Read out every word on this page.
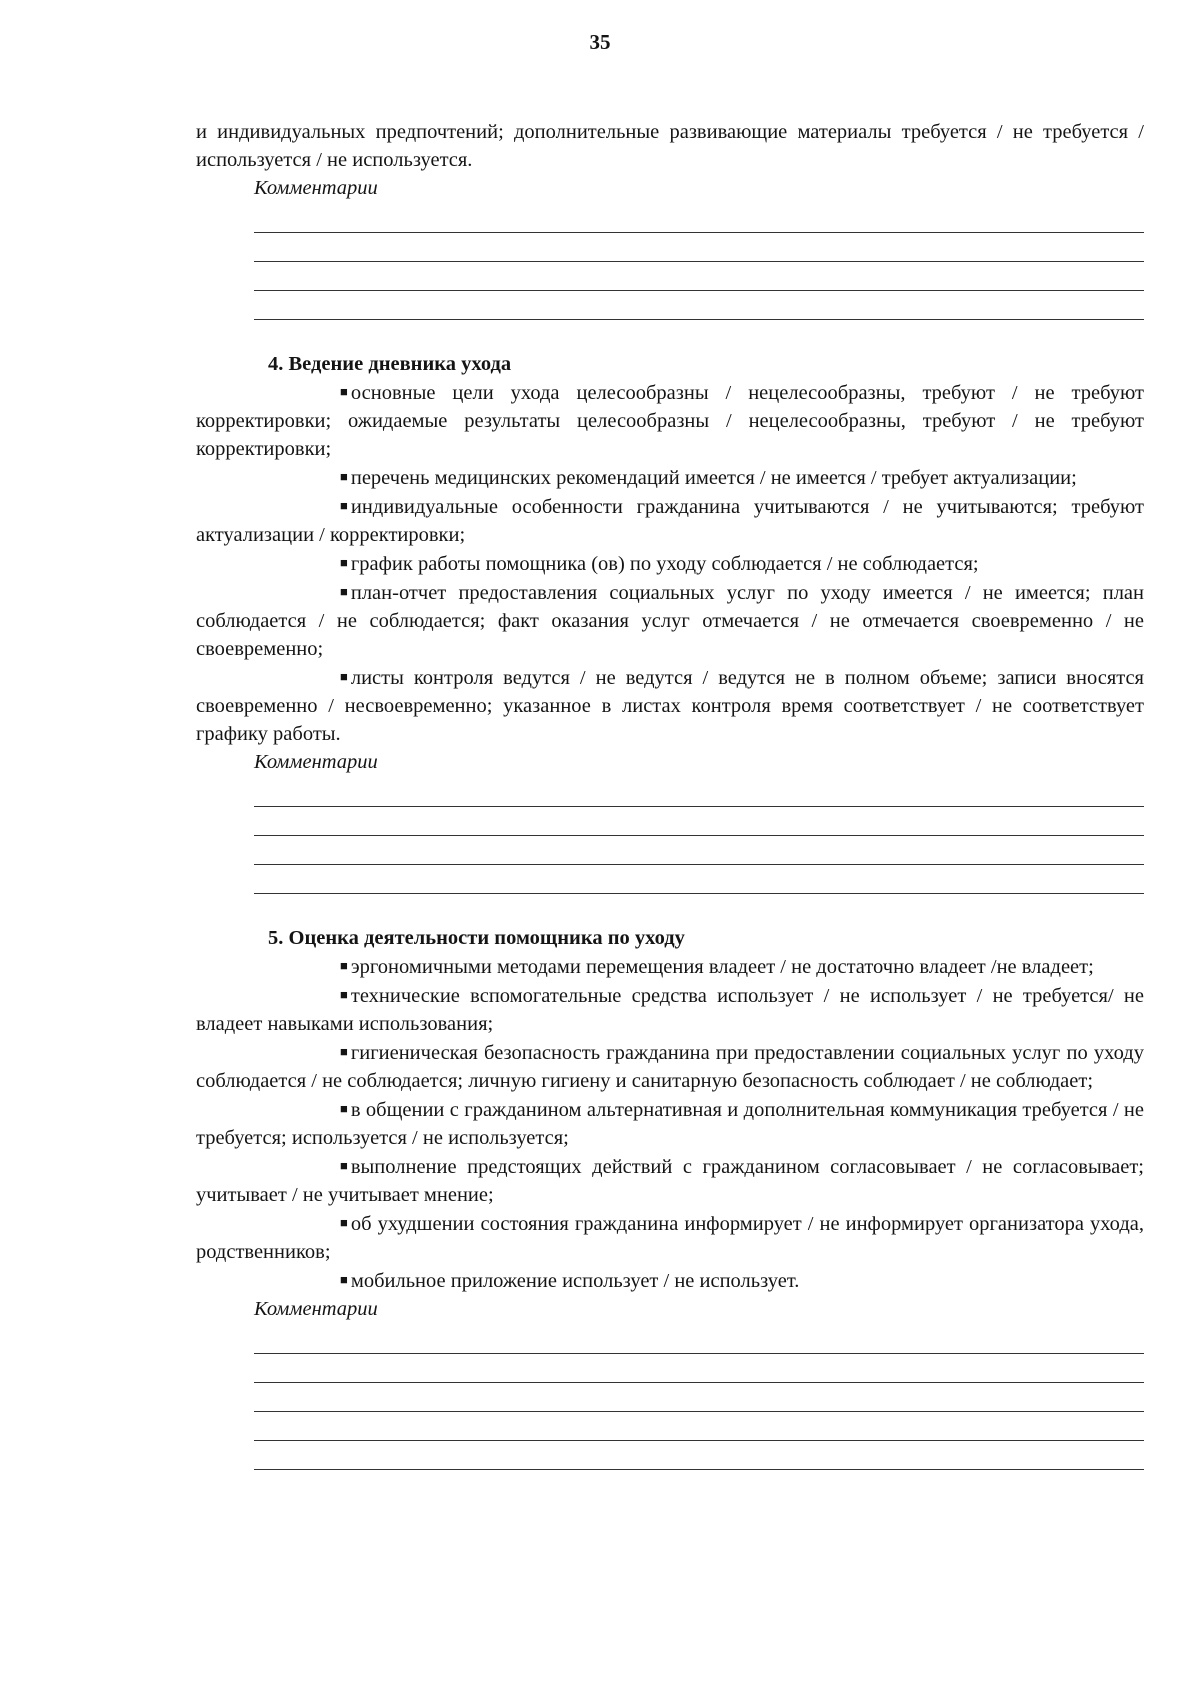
35

и индивидуальных предпочтений; дополнительные развивающие материалы требуется / не требуется / используется / не используется.

Комментарии
4. Ведение дневника ухода

■ основные цели ухода целесообразны / нецелесообразны, требуют / не требуют корректировки; ожидаемые результаты целесообразны / нецелесообразны, требуют / не требуют корректировки;

■ перечень медицинских рекомендаций имеется / не имеется / требует актуализации;

■ индивидуальные особенности гражданина учитываются / не учитываются; требуют актуализации / корректировки;

■ график работы помощника (ов) по уходу соблюдается / не соблюдается;

■ план-отчет предоставления социальных услуг по уходу имеется / не имеется; план соблюдается / не соблюдается; факт оказания услуг отмечается / не отмечается своевременно / не своевременно;

■ листы контроля ведутся / не ведутся / ведутся не в полном объеме; записи вносятся своевременно / несвоевременно; указанное в листах контроля время соответствует / не соответствует графику работы.

Комментарии
5. Оценка деятельности помощника по уходу

■ эргономичными методами перемещения владеет / не достаточно владеет /не владеет;

■ технические вспомогательные средства использует / не использует / не требуется/ не владеет навыками использования;

■ гигиеническая безопасность гражданина при предоставлении социальных услуг по уходу соблюдается / не соблюдается; личную гигиену и санитарную безопасность соблюдает / не соблюдает;

■ в общении с гражданином альтернативная и дополнительная коммуникация требуется / не требуется; используется / не используется;

■ выполнение предстоящих действий с гражданином согласовывает / не согласовывает; учитывает / не учитывает мнение;

■ об ухудшении состояния гражданина информирует / не информирует организатора ухода, родственников;

■ мобильное приложение использует / не использует.

Комментарии
